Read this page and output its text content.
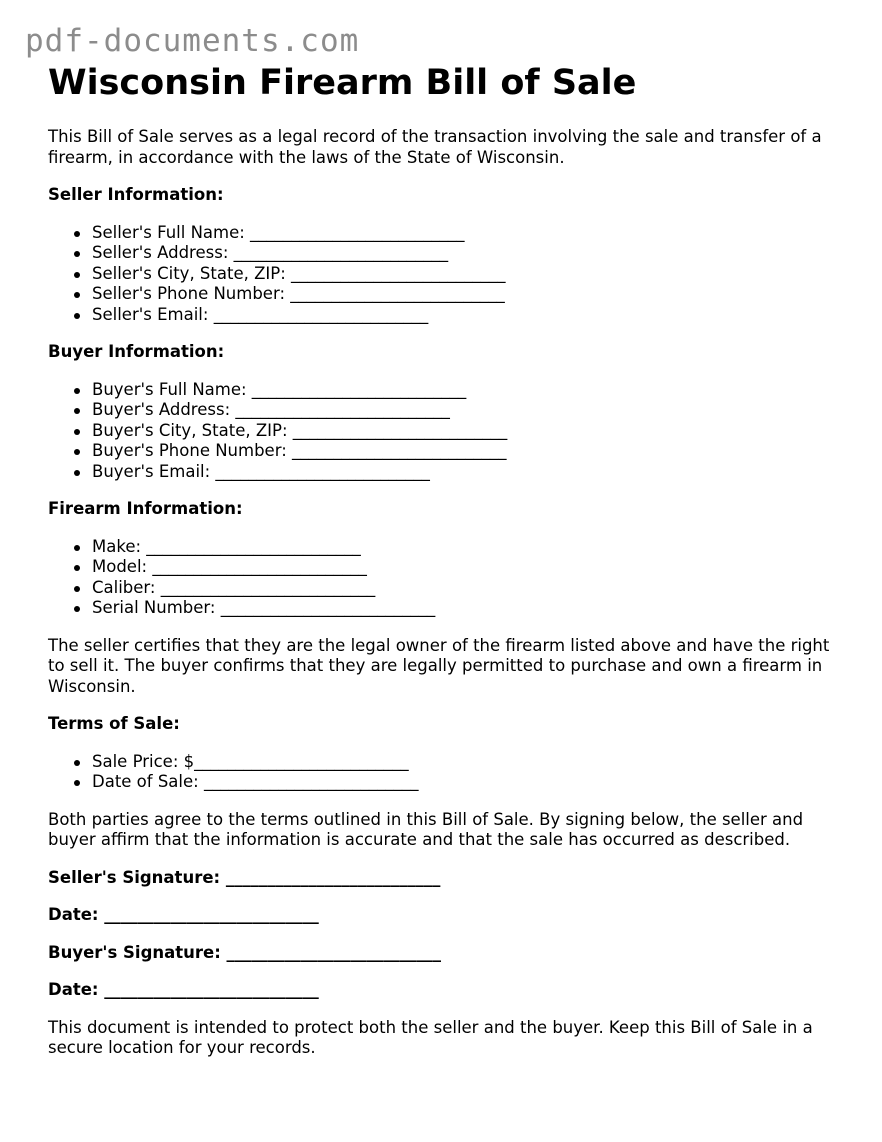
pdf-documents.com
Wisconsin Firearm Bill of Sale

This Bill of Sale serves as a legal record of the transaction involving the sale and transfer of a firearm, in accordance with the laws of the State of Wisconsin.

Seller Information:

Seller's Full Name: __________________________
Seller's Address: __________________________
Seller's City, State, ZIP: __________________________
Seller's Phone Number: __________________________
Seller's Email: __________________________

Buyer Information:

Buyer's Full Name: __________________________
Buyer's Address: __________________________
Buyer's City, State, ZIP: __________________________
Buyer's Phone Number: __________________________
Buyer's Email: __________________________

Firearm Information:

Make: __________________________
Model: __________________________
Caliber: __________________________
Serial Number: __________________________

The seller certifies that they are the legal owner of the firearm listed above and have the right to sell it. The buyer confirms that they are legally permitted to purchase and own a firearm in Wisconsin.

Terms of Sale:

Sale Price: $__________________________
Date of Sale: __________________________

Both parties agree to the terms outlined in this Bill of Sale. By signing below, the seller and buyer affirm that the information is accurate and that the sale has occurred as described.

Seller's Signature: __________________________

Date: __________________________

Buyer's Signature: __________________________

Date: __________________________

This document is intended to protect both the seller and the buyer. Keep this Bill of Sale in a secure location for your records.
